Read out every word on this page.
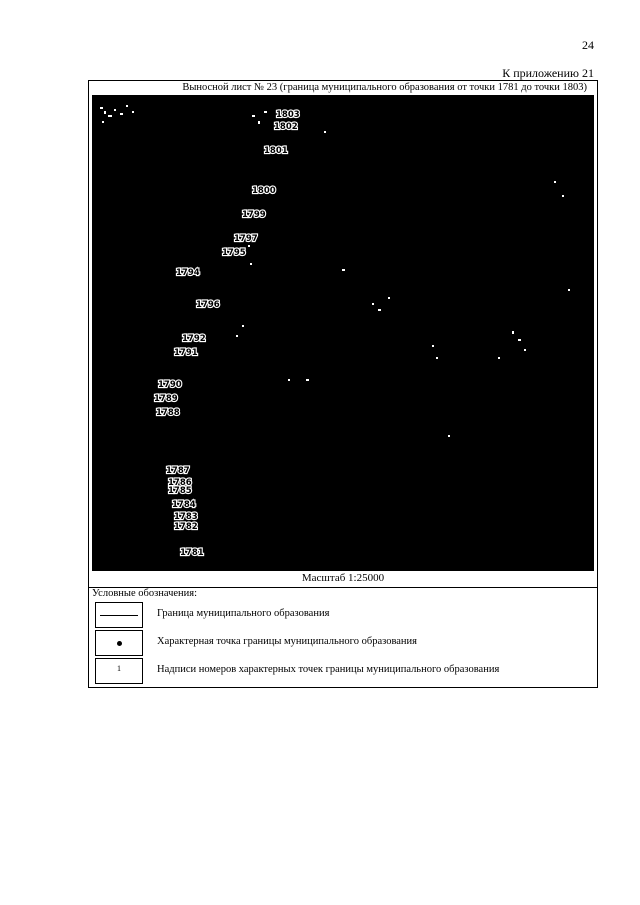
24
К приложению 21
Выносной лист № 23 (граница муниципального образования от точки 1781 до точки 1803)
1803
1802
1801
1800
1799
1797
1795
1794
1796
1792
1791
1790
1789
1788
1787
1786
1785
1784
1783
1782
1781
Масштаб 1:25000
Условные обозначения:
Граница муниципального образования
Характерная точка границы муниципального образования
1	Надписи номеров характерных точек границы муниципального образования
